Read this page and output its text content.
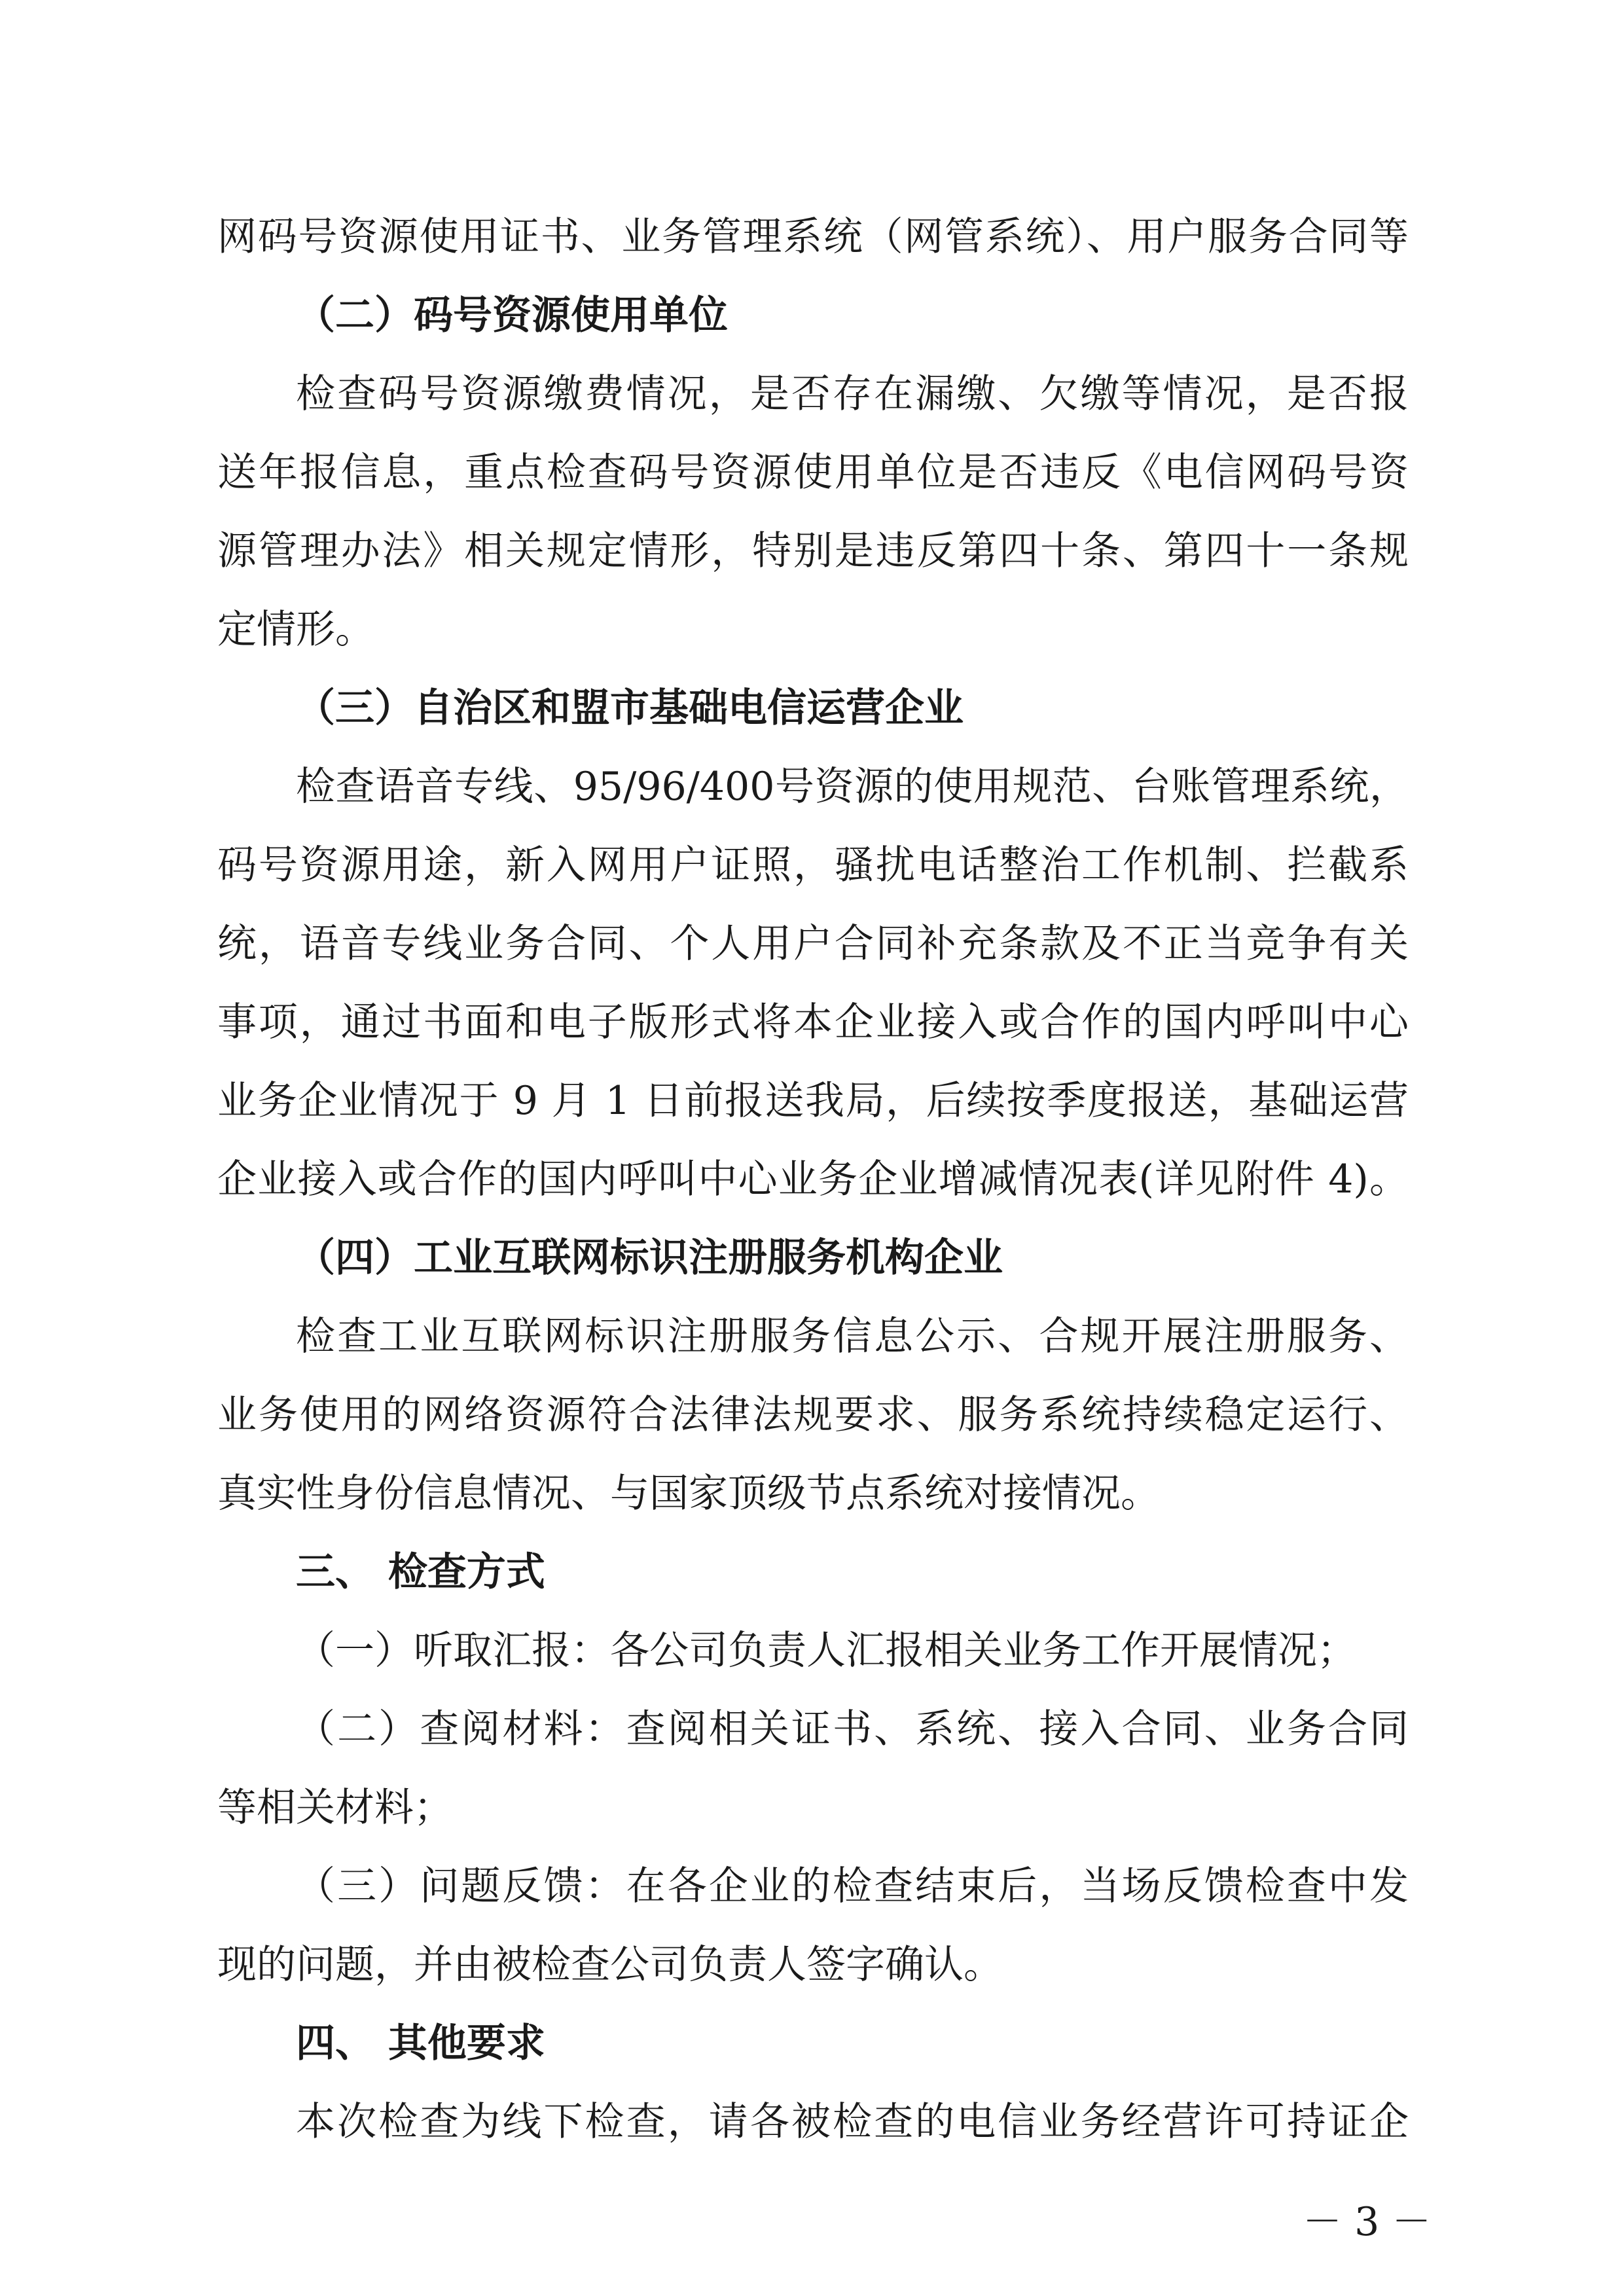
网码号资源使用证书、业务管理系统（网管系统）、用户服务合同等
（二）码号资源使用单位
检查码号资源缴费情况，是否存在漏缴、欠缴等情况，是否报
送年报信息，重点检查码号资源使用单位是否违反《电信网码号资
源管理办法》相关规定情形，特别是违反第四十条、第四十一条规
定情形。
（三）自治区和盟市基础电信运营企业
检查语音专线、95/96/400号资源的使用规范、台账管理系统，
码号资源用途，新入网用户证照，骚扰电话整治工作机制、拦截系
统，语音专线业务合同、个人用户合同补充条款及不正当竞争有关
事项，通过书面和电子版形式将本企业接入或合作的国内呼叫中心
业务企业情况于 9 月 1 日前报送我局，后续按季度报送，基础运营
企业接入或合作的国内呼叫中心业务企业增减情况表(详见附件 4)。
（四）工业互联网标识注册服务机构企业
检查工业互联网标识注册服务信息公示、合规开展注册服务、
业务使用的网络资源符合法律法规要求、服务系统持续稳定运行、
真实性身份信息情况、与国家顶级节点系统对接情况。
三、 检查方式
（一）听取汇报：各公司负责人汇报相关业务工作开展情况；
（二）查阅材料：查阅相关证书、系统、接入合同、业务合同
等相关材料；
（三）问题反馈：在各企业的检查结束后，当场反馈检查中发
现的问题，并由被检查公司负责人签字确认。
四、 其他要求
本次检查为线下检查，请各被检查的电信业务经营许可持证企
－ 3 －
